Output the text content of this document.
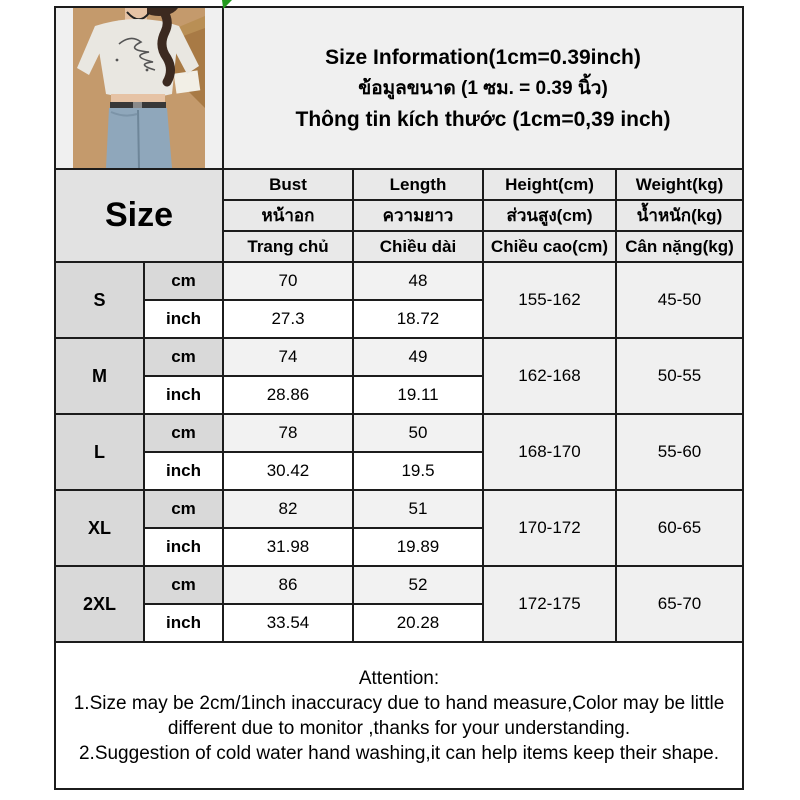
Size Information(1cm=0.39inch)
ข้อมูลขนาด (1 ซม. = 0.39 นิ้ว)
Thông tin kích thước (1cm=0,39 inch)			

Size		Bust	Length	Height(cm)	Weight(kg)
		หน้าอก	ความยาว	ส่วนสูง(cm)	น้ำหนัก(kg)
		Trang chủ	Chiều dài	Chiều cao(cm)	Cân nặng(kg)
S	cm	70	48	155-162	45-50
	inch	27.3	18.72		
M	cm	74	49	162-168	50-55
	inch	28.86	19.11		
L	cm	78	50	168-170	55-60
	inch	30.42	19.5		
XL	cm	82	51	170-172	60-65
	inch	31.98	19.89		
2XL	cm	86	52	172-175	65-70
	inch	33.54	20.28		

Attention:
1.Size may be 2cm/1inch inaccuracy due to hand measure,Color may be little different due to monitor ,thanks for your understanding.
2.Suggestion of cold water hand washing,it can help items keep their shape.					
